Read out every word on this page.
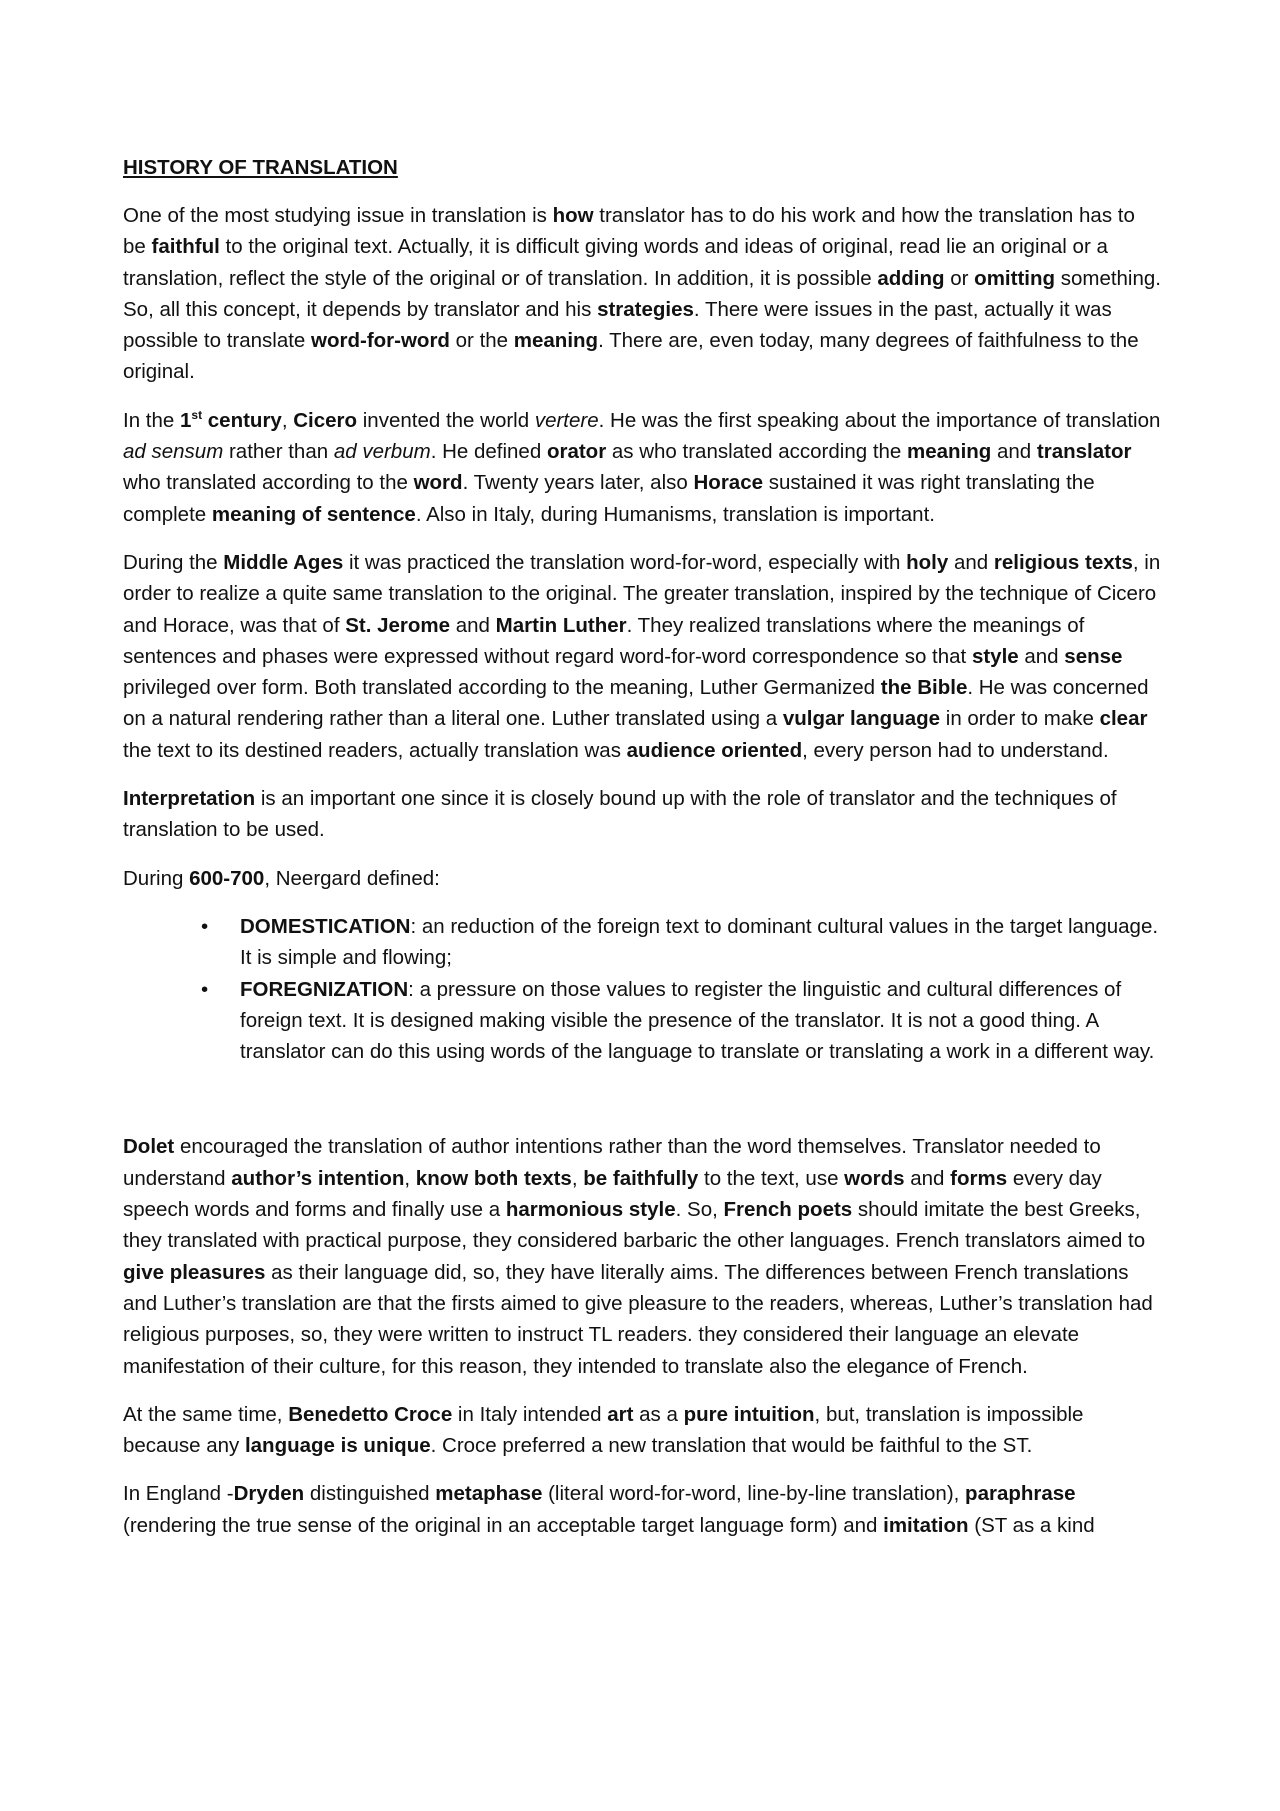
HISTORY OF TRANSLATION

One of the most studying issue in translation is how translator has to do his work and how the translation has to be faithful to the original text. Actually, it is difficult giving words and ideas of original, read lie an original or a translation, reflect the style of the original or of translation. In addition, it is possible adding or omitting something. So, all this concept, it depends by translator and his strategies. There were issues in the past, actually it was possible to translate word-for-word or the meaning. There are, even today, many degrees of faithfulness to the original.

In the 1st century, Cicero invented the world vertere. He was the first speaking about the importance of translation ad sensum rather than ad verbum. He defined orator as who translated according the meaning and translator who translated according to the word. Twenty years later, also Horace sustained it was right translating the complete meaning of sentence. Also in Italy, during Humanisms, translation is important.

During the Middle Ages it was practiced the translation word-for-word, especially with holy and religious texts, in order to realize a quite same translation to the original. The greater translation, inspired by the technique of Cicero and Horace, was that of St. Jerome and Martin Luther. They realized translations where the meanings of sentences and phases were expressed without regard word-for-word correspondence so that style and sense privileged over form. Both translated according to the meaning, Luther Germanized the Bible. He was concerned on a natural rendering rather than a literal one. Luther translated using a vulgar language in order to make clear the text to its destined readers, actually translation was audience oriented, every person had to understand.

Interpretation is an important one since it is closely bound up with the role of translator and the techniques of translation to be used.

During 600-700, Neergard defined:

• DOMESTICATION: an reduction of the foreign text to dominant cultural values in the target language. It is simple and flowing;
• FOREGNIZATION: a pressure on those values to register the linguistic and cultural differences of foreign text. It is designed making visible the presence of the translator. It is not a good thing. A translator can do this using words of the language to translate or translating a work in a different way.

Dolet encouraged the translation of author intentions rather than the word themselves. Translator needed to understand author’s intention, know both texts, be faithfully to the text, use words and forms every day speech words and forms and finally use a harmonious style. So, French poets should imitate the best Greeks, they translated with practical purpose, they considered barbaric the other languages. French translators aimed to give pleasures as their language did, so, they have literally aims. The differences between French translations and Luther’s translation are that the firsts aimed to give pleasure to the readers, whereas, Luther’s translation had religious purposes, so, they were written to instruct TL readers. they considered their language an elevate manifestation of their culture, for this reason, they intended to translate also the elegance of French.

At the same time, Benedetto Croce in Italy intended art as a pure intuition, but, translation is impossible because any language is unique. Croce preferred a new translation that would be faithful to the ST.

In England -Dryden distinguished metaphase (literal word-for-word, line-by-line translation), paraphrase (rendering the true sense of the original in an acceptable target language form) and imitation (ST as a kind
